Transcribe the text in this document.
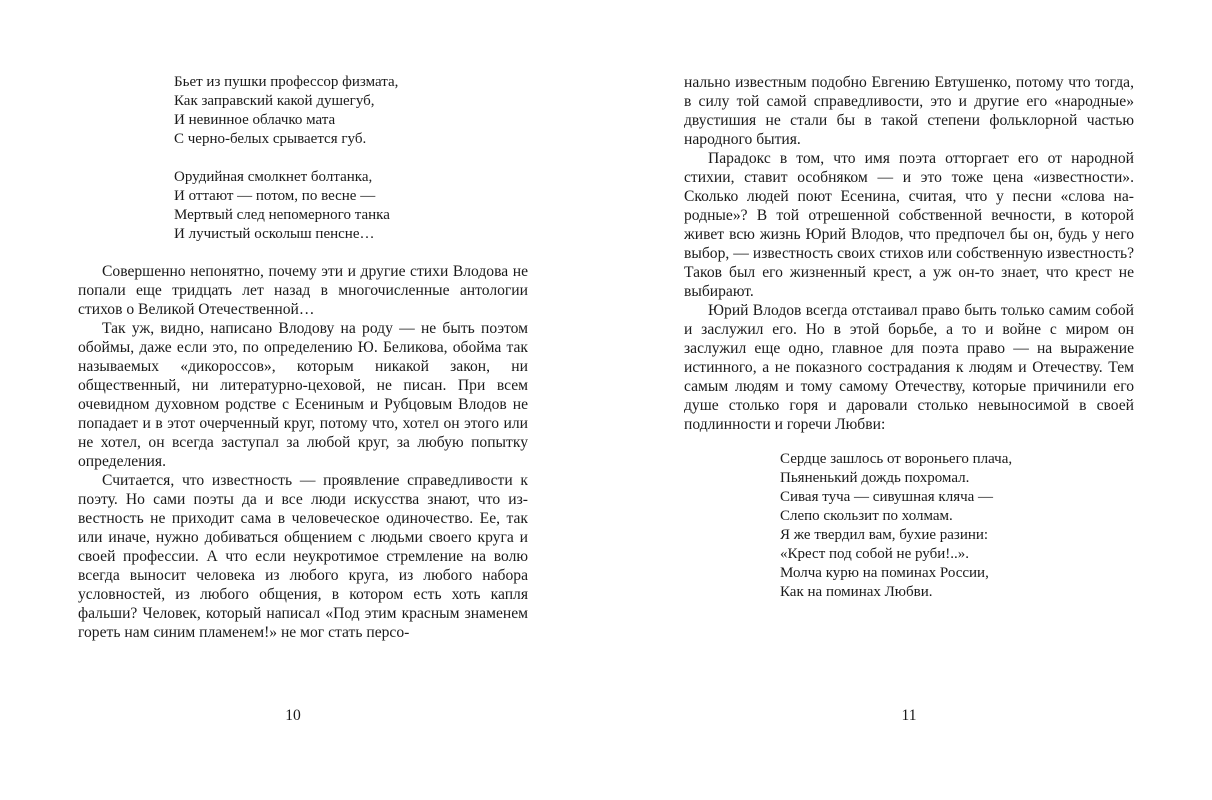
Бьет из пушки профессор физмата,
Как заправский какой душегуб,
И невинное облачко мата
С черно-белых срывается губ.
Орудийная смолкнет болтанка,
И оттают — потом, по весне —
Мертвый след непомерного танка
И лучистый осколыш пенсне…

Совершенно непонятно, почему эти и другие стихи Влодова не попали еще тридцать лет назад в многочисленные антологии стихов о Великой Отечественной…

Так уж, видно, написано Влодову на роду — не быть поэтом обоймы, даже если это, по определению Ю. Беликова, обойма так называемых «дикороссов», которым никакой закон, ни общественный, ни литературно-цеховой, не писан. При всем очевидном духовном родстве с Есениным и Рубцовым Влодов не попадает и в этот очерченный круг, потому что, хотел он этого или не хотел, он всегда заступал за любой круг, за любую попытку определения.

Считается, что известность — проявление справедливости к поэту. Но сами поэты да и все люди искусства знают, что известность не приходит сама в человеческое одиночество. Ее, так или иначе, нужно добиваться общением с людьми своего круга и своей профессии. А что если неукротимое стремление на волю всегда выносит человека из любого круга, из любого набора условностей, из любого общения, в котором есть хоть капля фальши? Человек, который написал «Под этим красным знаменем гореть нам синим пламенем!» не мог стать персо-

10

нально известным подобно Евгению Евтушенко, потому что тогда, в силу той самой справедливости, это и другие его «народные» двустишия не стали бы в такой степени фольклорной частью народного бытия.

Парадокс в том, что имя поэта отторгает его от народной стихии, ставит особняком — и это тоже цена «известности». Сколько людей поют Есенина, считая, что у песни «слова народные»? В той отрешенной собственной вечности, в которой живет всю жизнь Юрий Влодов, что предпочел бы он, будь у него выбор, — известность своих стихов или собственную известность? Таков был его жизненный крест, а уж он-то знает, что крест не выбирают.

Юрий Влодов всегда отстаивал право быть только самим собой и заслужил его. Но в этой борьбе, а то и войне с миром он заслужил еще одно, главное для поэта право — на выражение истинного, а не показного сострадания к людям и Отечеству. Тем самым людям и тому самому Отечеству, которые причинили его душе столько горя и даровали столько невыносимой в своей подлинности и горечи Любви:

Сердце зашлось от вороньего плача,
Пьяненький дождь похромал.
Сивая туча — сивушная кляча —
Слепо скользит по холмам.
Я же твердил вам, бухие разини:
«Крест под собой не руби!..».
Молча курю на поминах России,
Как на поминах Любви.
11
